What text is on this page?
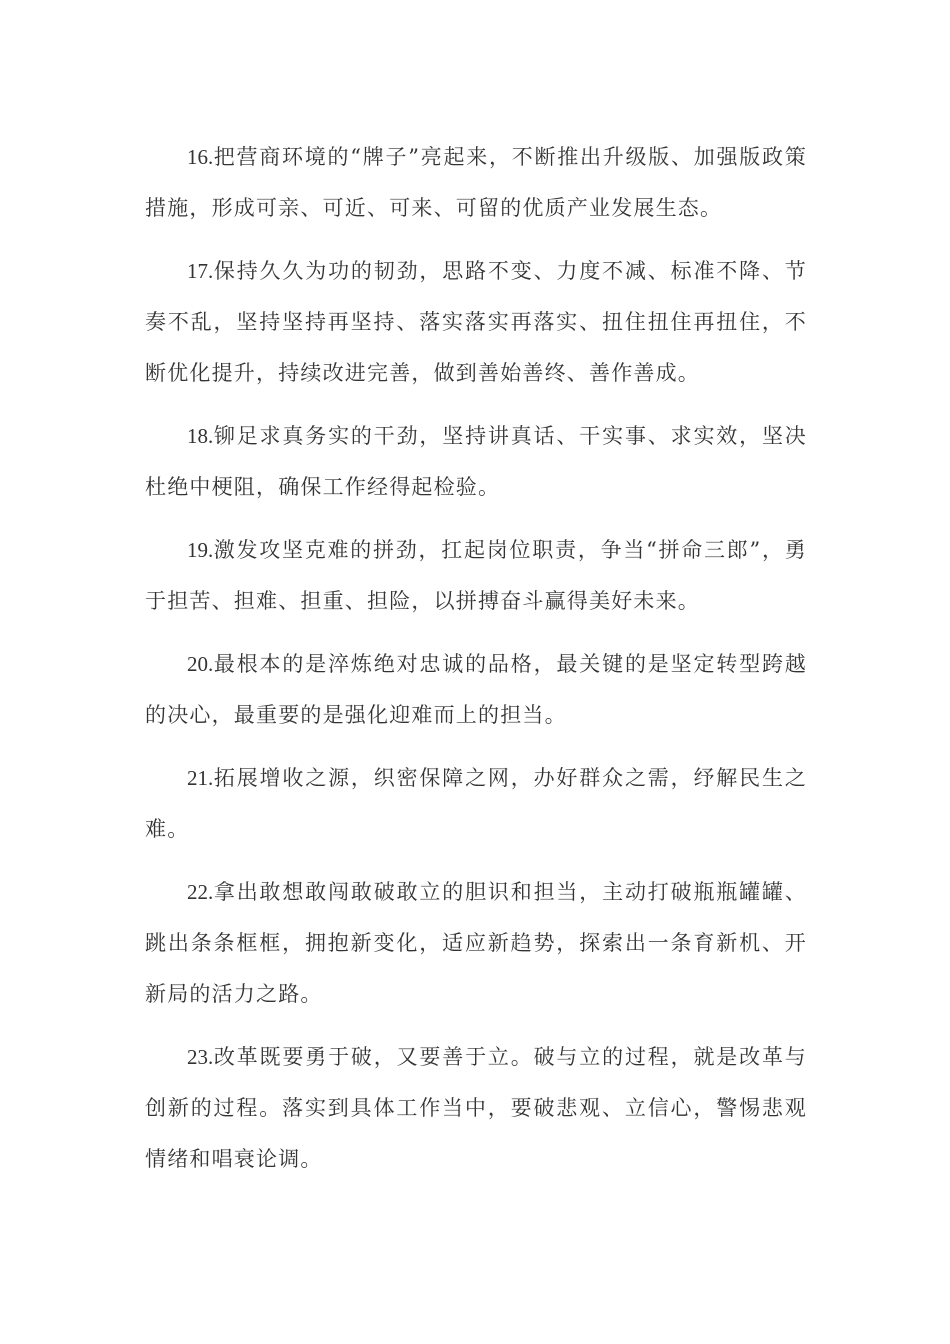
16.把营商环境的“牌子”亮起来，不断推出升级版、加强版政策措施，形成可亲、可近、可来、可留的优质产业发展生态。

17.保持久久为功的韧劲，思路不变、力度不减、标准不降、节奏不乱，坚持坚持再坚持、落实落实再落实、扭住扭住再扭住，不断优化提升，持续改进完善，做到善始善终、善作善成。

18.铆足求真务实的干劲，坚持讲真话、干实事、求实效，坚决杜绝中梗阻，确保工作经得起检验。

19.激发攻坚克难的拼劲，扛起岗位职责，争当“拼命三郎”，勇于担苦、担难、担重、担险，以拼搏奋斗赢得美好未来。

20.最根本的是淬炼绝对忠诚的品格，最关键的是坚定转型跨越的决心，最重要的是强化迎难而上的担当。

21.拓展增收之源，织密保障之网，办好群众之需，纾解民生之难。

22.拿出敢想敢闯敢破敢立的胆识和担当，主动打破瓶瓶罐罐、跳出条条框框，拥抱新变化，适应新趋势，探索出一条育新机、开新局的活力之路。

23.改革既要勇于破，又要善于立。破与立的过程，就是改革与创新的过程。落实到具体工作当中，要破悲观、立信心，警惕悲观情绪和唱衰论调。
